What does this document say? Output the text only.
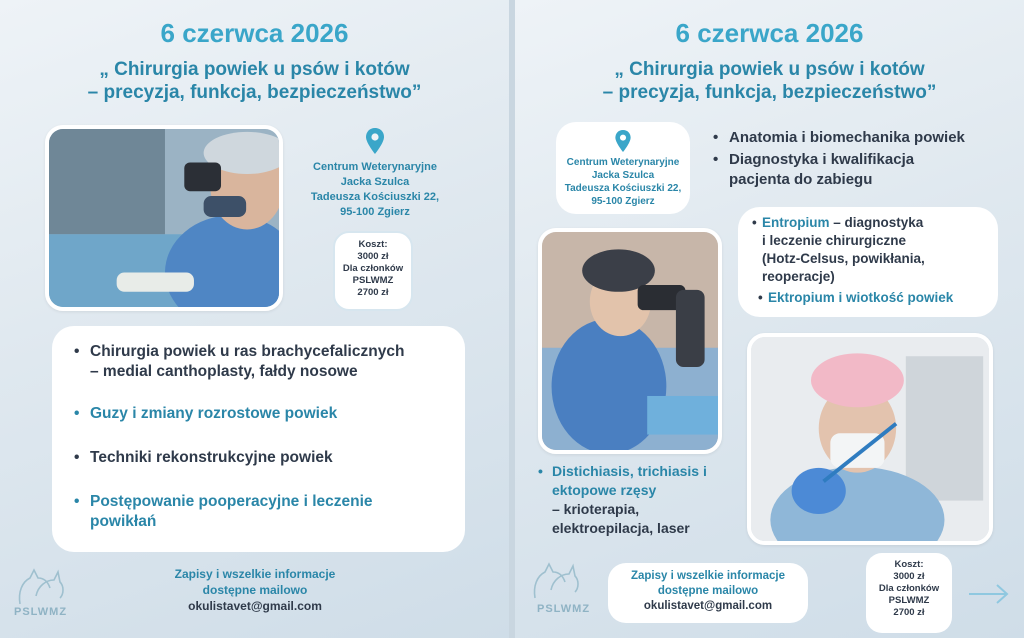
6 czerwca 2026
„ Chirurgia powiek u psów i kotów
– precyzja, funkcja, bezpieczeństwo”
Centrum Weterynaryjne
Jacka Szulca
Tadeusza Kościuszki 22,
95-100 Zgierz
Koszt:
3000 zł
Dla członków
PSLWMZ
2700 zł
• Chirurgia powiek u ras brachycefalicznych
– medial canthoplasty, fałdy nosowe
• Guzy i zmiany rozrostowe powiek
• Techniki rekonstrukcyjne powiek
• Postępowanie pooperacyjne i leczenie
powikłań
PSLWMZ
Zapisy i wszelkie informacje
dostępne mailowo
okulistavet@gmail.com
6 czerwca 2026
„ Chirurgia powiek u psów i kotów
– precyzja, funkcja, bezpieczeństwo”
Centrum Weterynaryjne
Jacka Szulca
Tadeusza Kościuszki 22,
95-100 Zgierz
• Anatomia i biomechanika powiek
• Diagnostyka i kwalifikacja
pacjenta do zabiegu
• Entropium – diagnostyka
i leczenie chirurgiczne
(Hotz-Celsus, powikłania,
reoperacje)
• Ektropium i wiotkość powiek
• Distichiasis, trichiasis i
ektopowe rzęsy
– krioterapia,
elektroepilacja, laser
PSLWMZ
Zapisy i wszelkie informacje
dostępne mailowo
okulistavet@gmail.com
Koszt:
3000 zł
Dla członków
PSLWMZ
2700 zł
